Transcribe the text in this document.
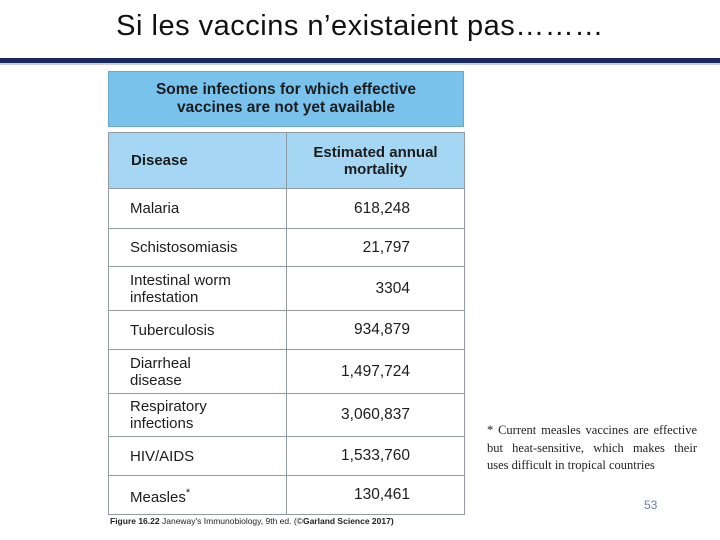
Si les vaccins n’existaient pas………
Some infections for which effective vaccines are not yet available
Disease	Estimated annual mortality
Malaria	618,248
Schistosomiasis	21,797
Intestinal worm infestation	3304
Tuberculosis	934,879
Diarrheal disease	1,497,724
Respiratory infections	3,060,837
HIV/AIDS	1,533,760
Measles*	130,461
Figure 16.22 Janeway's Immunobiology, 9th ed. (©Garland Science 2017)
* Current measles vaccines are effective but heat-sensitive, which makes their uses difficult in tropical countries
53
